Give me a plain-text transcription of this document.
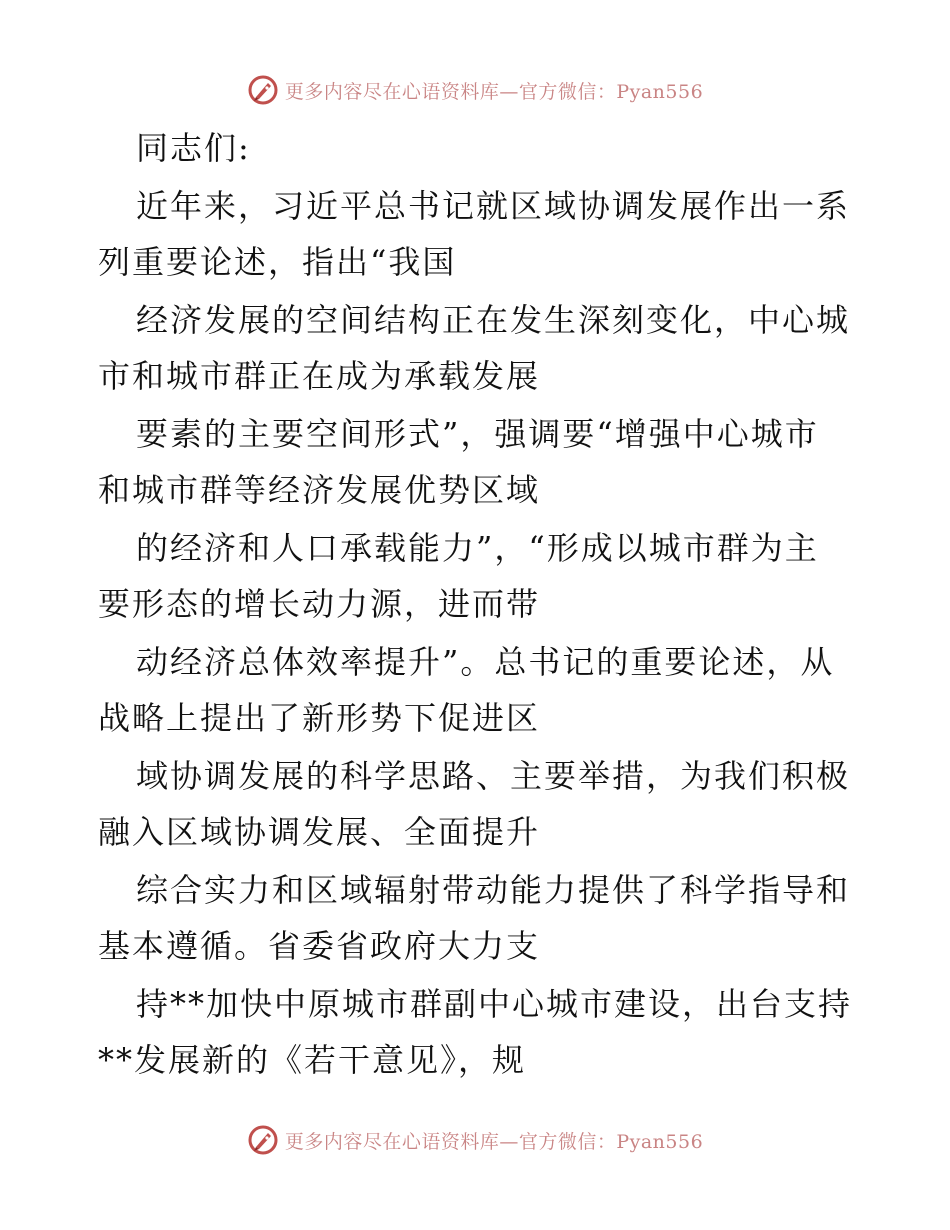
更多内容尽在心语资料库—官方微信：Pyan556
同志们:
近年来，习近平总书记就区域协调发展作出一系
列重要论述，指出“我国
经济发展的空间结构正在发生深刻变化，中心城
市和城市群正在成为承载发展
要素的主要空间形式”，强调要“增强中心城市
和城市群等经济发展优势区域
的经济和人口承载能力”，“形成以城市群为主
要形态的增长动力源，进而带
动经济总体效率提升”。总书记的重要论述，从
战略上提出了新形势下促进区
域协调发展的科学思路、主要举措，为我们积极
融入区域协调发展、全面提升
综合实力和区域辐射带动能力提供了科学指导和
基本遵循。省委省政府大力支
持**加快中原城市群副中心城市建设，出台支持
**发展新的《若干意见》，规
更多内容尽在心语资料库—官方微信：Pyan556
